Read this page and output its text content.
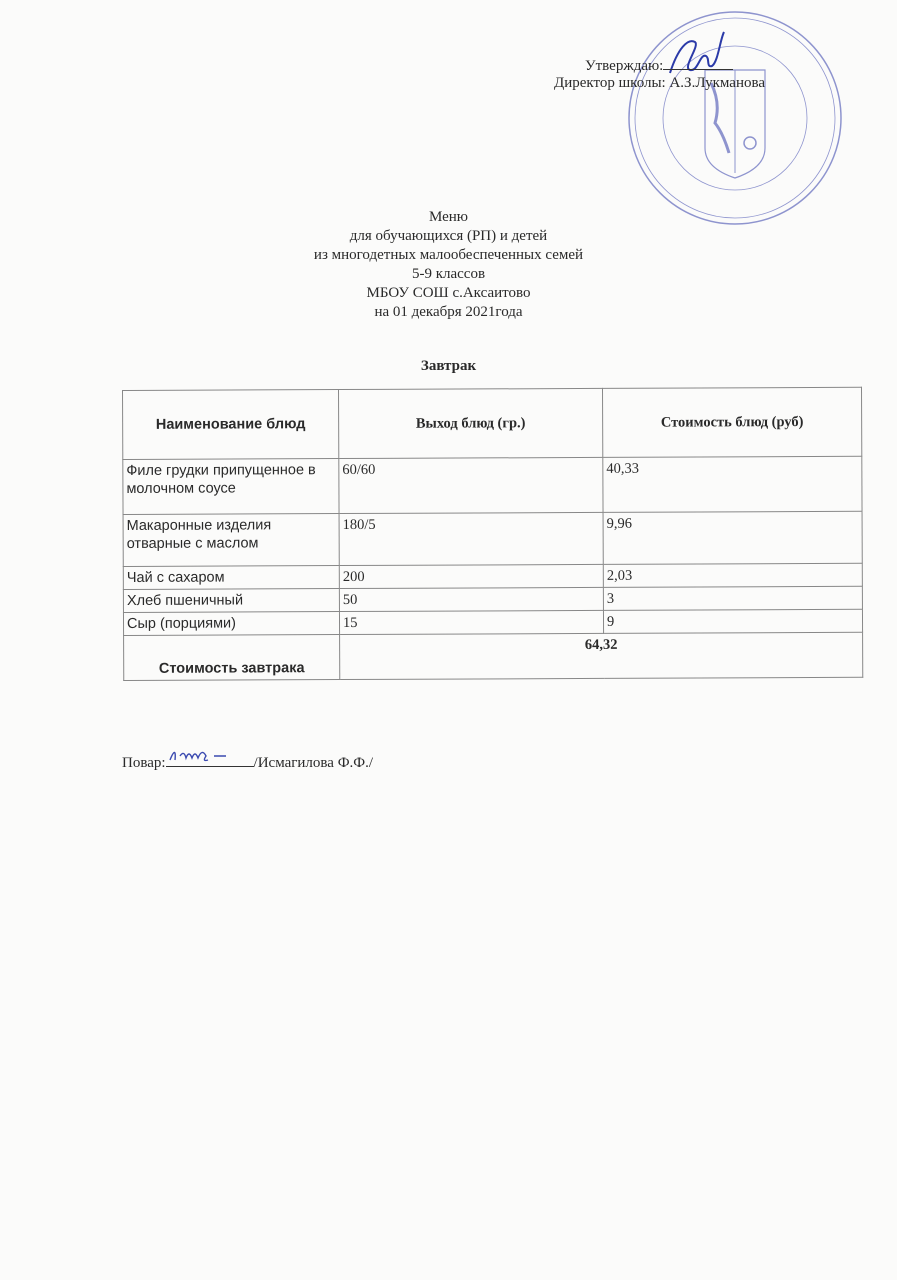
Утверждаю:
Директор школы: А.З.Лукманова
Меню
для обучающихся (РП) и детей
из многодетных малообеспеченных семей
5-9 классов
МБОУ СОШ с.Аксаитово
на 01 декабря 2021года
Завтрак
Наименование блюд	Выход блюд (гр.)	Стоимость блюд (руб)
Филе грудки припущенное в молочном соусе	60/60	40,33
Макаронные изделия отварные с маслом	180/5	9,96
Чай с сахаром	200	2,03
Хлеб пшеничный	50	3
Сыр (порциями)	15	9
Стоимость завтрака	64,32	
Повар:	/Исмагилова Ф.Ф./
